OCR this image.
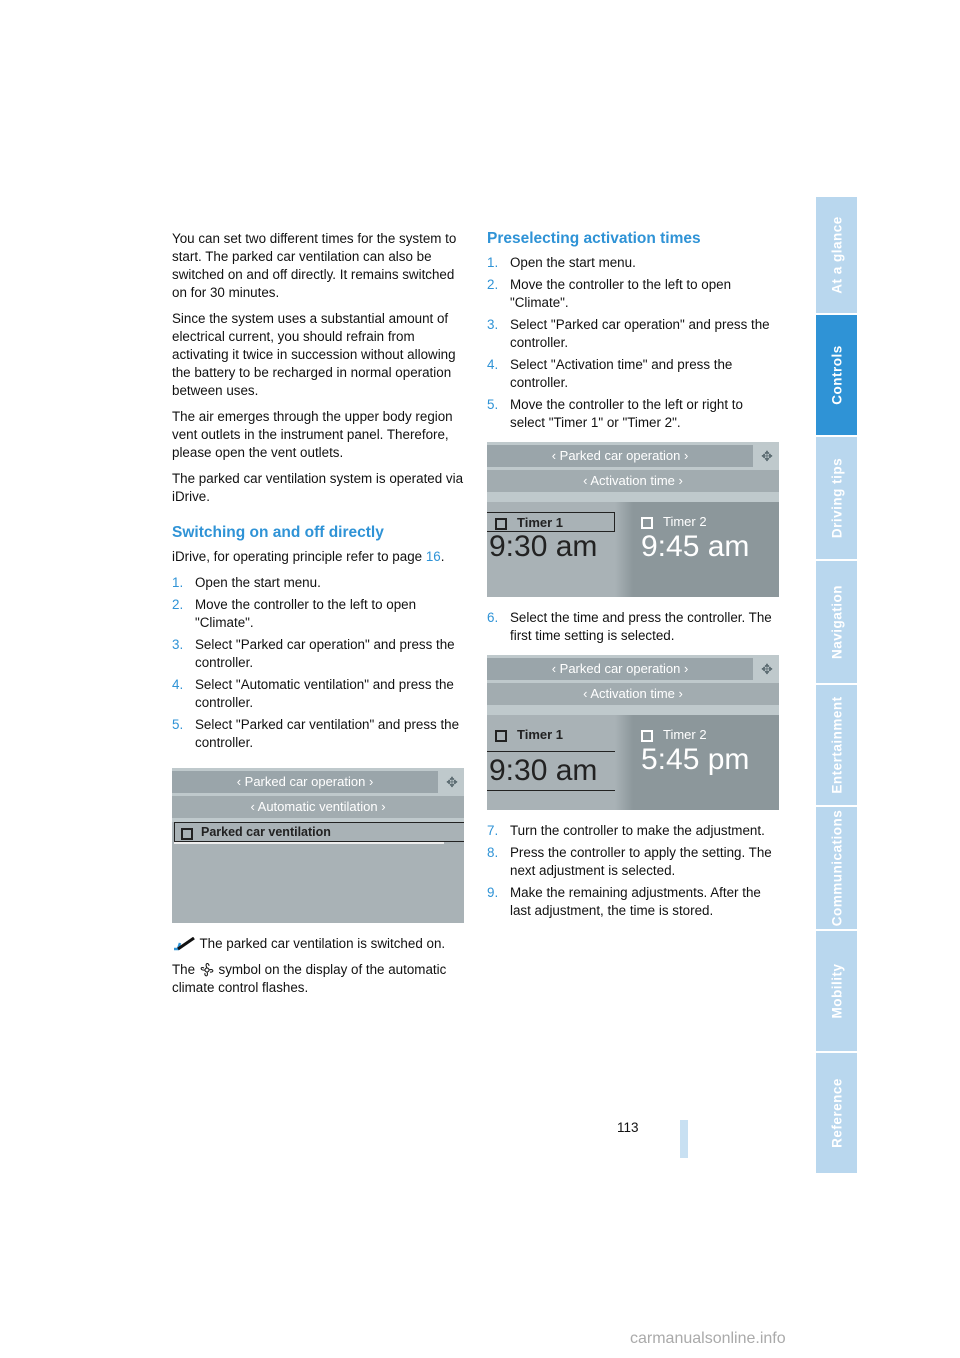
You can set two different times for the system to start. The parked car ventilation can also be switched on and off directly. It remains switched on for 30 minutes.

Since the system uses a substantial amount of electrical current, you should refrain from activating it twice in succession without allowing the battery to be recharged in normal operation between uses.

The air emerges through the upper body region vent outlets in the instrument panel. Therefore, please open the vent outlets.

The parked car ventilation system is operated via iDrive.

Switching on and off directly

iDrive, for operating principle refer to page 16.

1. Open the start menu.
2. Move the controller to the left to open "Climate".
3. Select "Parked car operation" and press the controller.
4. Select "Automatic ventilation" and press the controller.
5. Select "Parked car ventilation" and press the controller.
‹ Parked car operation ›	✥
‹ Automatic ventilation ›
Parked car ventilation

The parked car ventilation is switched on.

The  symbol on the display of the automatic climate control flashes.

Preselecting activation times
1. Open the start menu.
2. Move the controller to the left to open "Climate".
3. Select "Parked car operation" and press the controller.
4. Select "Activation time" and press the controller.
5. Move the controller to the left or right to select "Timer 1" or "Timer 2".
‹ Parked car operation ›	✥
‹ Activation time ›
Timer 1
9:30 am
Timer 2
9:45 am
6. Select the time and press the controller. The first time setting is selected.
‹ Parked car operation ›	✥
‹ Activation time ›
Timer 1
9:30 am
Timer 2
5:45 pm
7. Turn the controller to make the adjustment.
8. Press the controller to apply the setting. The next adjustment is selected.
9. Make the remaining adjustments. After the last adjustment, the time is stored.
113
At a glance
Controls
Driving tips
Navigation
Entertainment
Communications
Mobility
Reference
carmanualsonline.info
